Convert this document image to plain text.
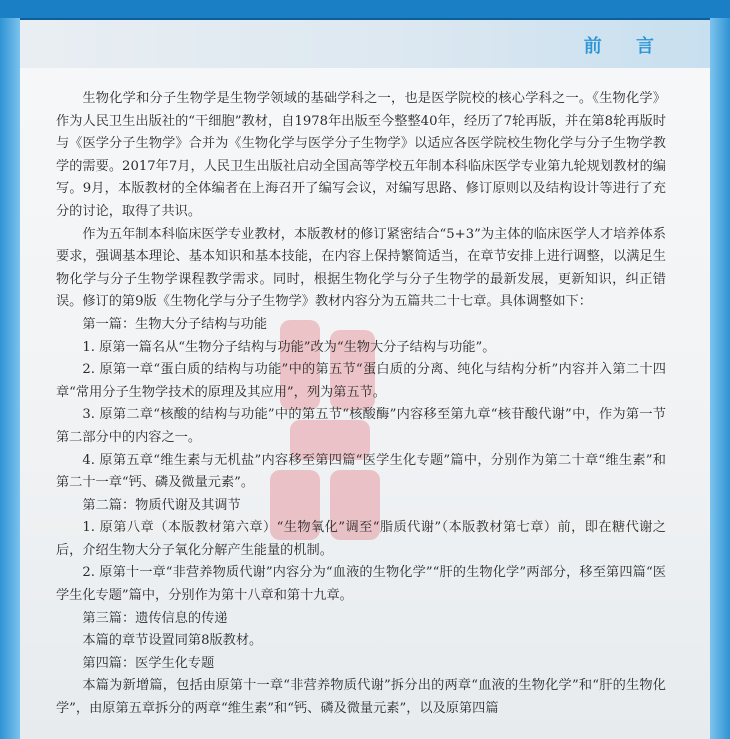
前 言

生物化学和分子生物学是生物学领域的基础学科之一，也是医学院校的核心学科之一。《生物化学》作为人民卫生出版社的“干细胞”教材，自1978年出版至今整整40年，经历了7轮再版，并在第8轮再版时与《医学分子生物学》合并为《生物化学与医学分子生物学》以适应各医学院校生物化学与分子生物学教学的需要。2017年7月，人民卫生出版社启动全国高等学校五年制本科临床医学专业第九轮规划教材的编写。9月，本版教材的全体编者在上海召开了编写会议，对编写思路、修订原则以及结构设计等进行了充分的讨论，取得了共识。

作为五年制本科临床医学专业教材，本版教材的修订紧密结合“5+3”为主体的临床医学人才培养体系要求，强调基本理论、基本知识和基本技能，在内容上保持繁简适当，在章节安排上进行调整，以满足生物化学与分子生物学课程教学需求。同时，根据生物化学与分子生物学的最新发展，更新知识，纠正错误。修订的第9版《生物化学与分子生物学》教材内容分为五篇共二十七章。具体调整如下：

第一篇：生物大分子结构与功能

1. 原第一篇名从“生物分子结构与功能”改为“生物大分子结构与功能”。

2. 原第一章“蛋白质的结构与功能”中的第五节“蛋白质的分离、纯化与结构分析”内容并入第二十四章“常用分子生物学技术的原理及其应用”，列为第五节。

3. 原第二章“核酸的结构与功能”中的第五节“核酸酶”内容移至第九章“核苷酸代谢”中，作为第一节第二部分中的内容之一。

4. 原第五章“维生素与无机盐”内容移至第四篇“医学生化专题”篇中，分别作为第二十章“维生素”和第二十一章“钙、磷及微量元素”。

第二篇：物质代谢及其调节

1. 原第八章（本版教材第六章）“生物氧化”调至“脂质代谢”（本版教材第七章）前，即在糖代谢之后，介绍生物大分子氧化分解产生能量的机制。

2. 原第十一章“非营养物质代谢”内容分为“血液的生物化学”“肝的生物化学”两部分，移至第四篇“医学生化专题”篇中，分别作为第十八章和第十九章。

第三篇：遗传信息的传递

本篇的章节设置同第8版教材。

第四篇：医学生化专题

本篇为新增篇，包括由原第十一章“非营养物质代谢”拆分出的两章“血液的生物化学”和“肝的生物化学”，由原第五章拆分的两章“维生素”和“钙、磷及微量元素”，以及原第四篇
